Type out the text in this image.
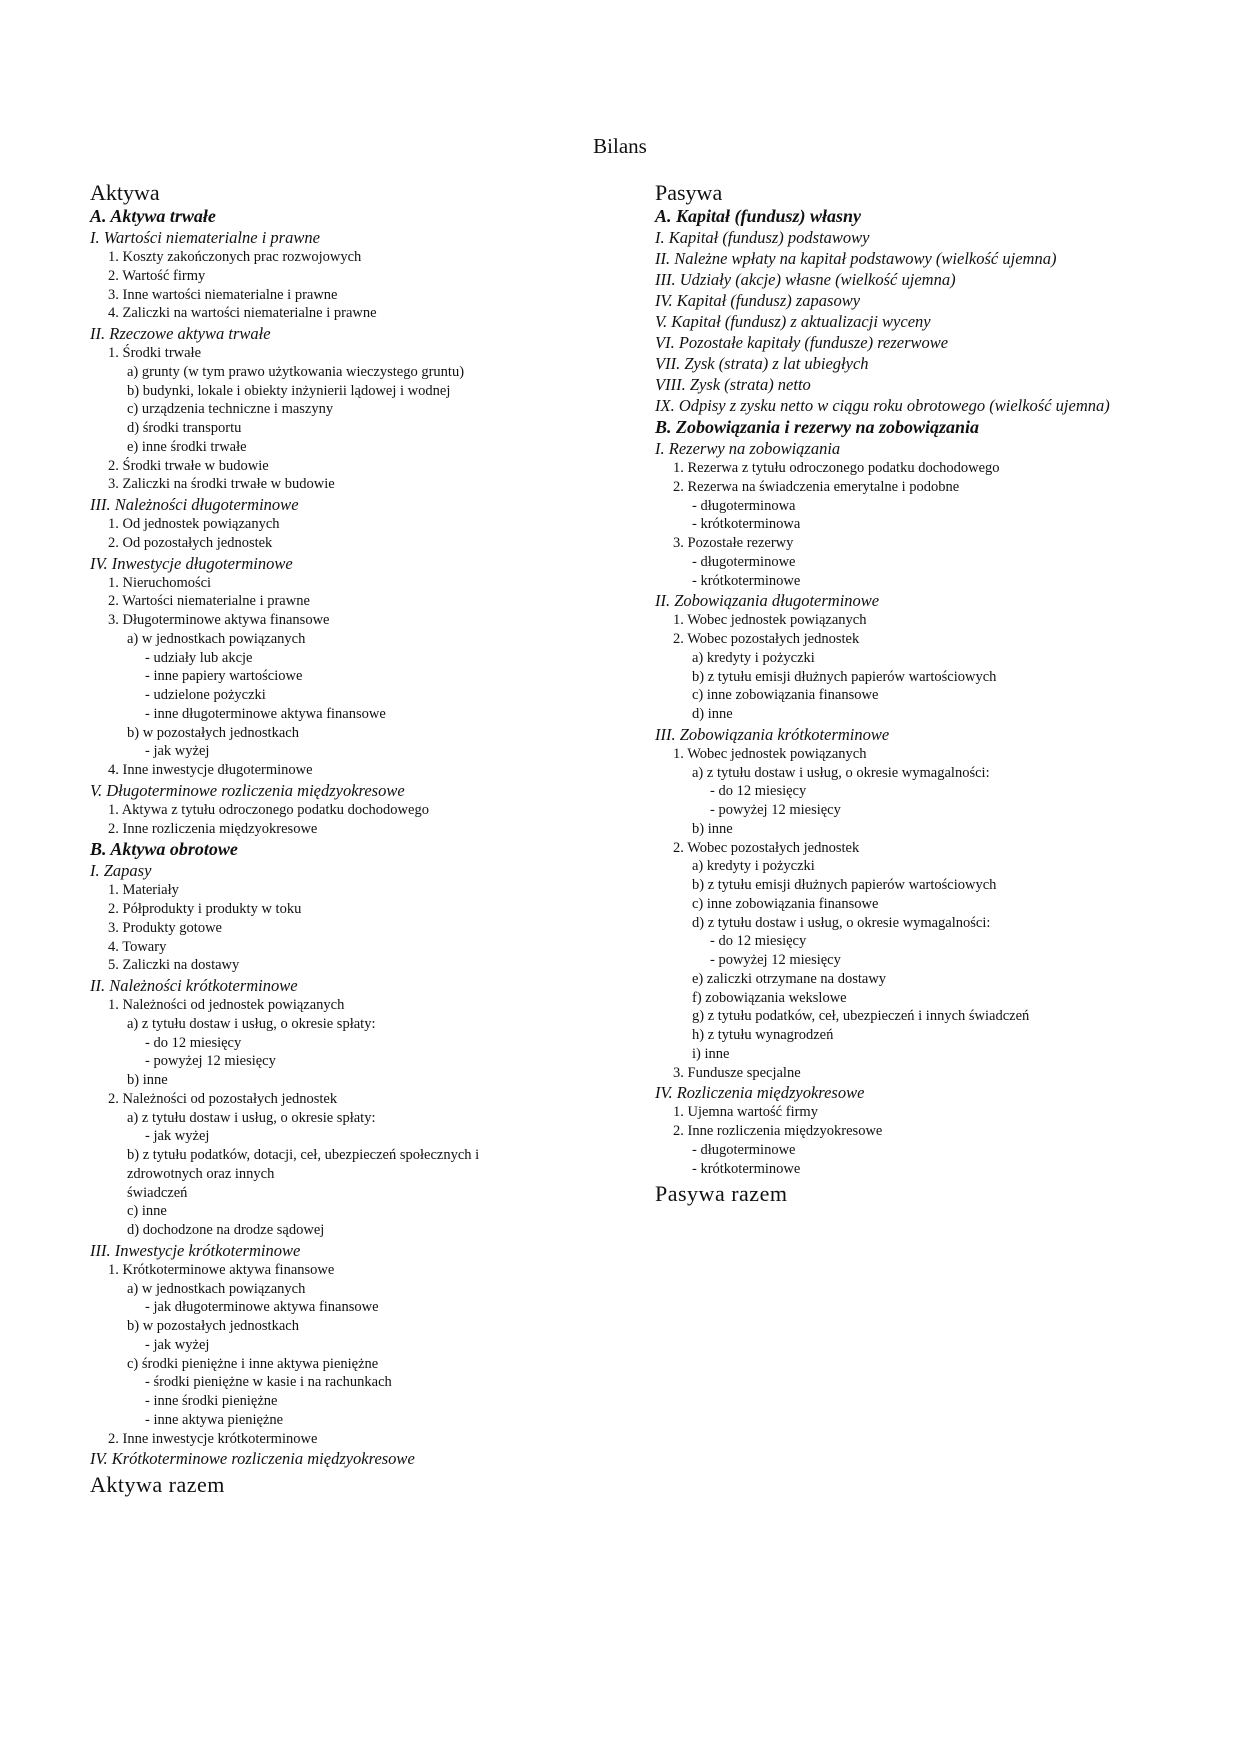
Bilans
Aktywa
A. Aktywa trwałe
I. Wartości niematerialne i prawne
1. Koszty zakończonych prac rozwojowych
2. Wartość firmy
3. Inne wartości niematerialne i prawne
4. Zaliczki na wartości niematerialne i prawne
II. Rzeczowe aktywa trwałe
1. Środki trwałe
a) grunty (w tym prawo użytkowania wieczystego gruntu)
b) budynki, lokale i obiekty inżynierii lądowej i wodnej
c) urządzenia techniczne i maszyny
d) środki transportu
e) inne środki trwałe
2. Środki trwałe w budowie
3. Zaliczki na środki trwałe w budowie
III. Należności długoterminowe
1. Od jednostek powiązanych
2. Od pozostałych jednostek
IV. Inwestycje długoterminowe
1. Nieruchomości
2. Wartości niematerialne i prawne
3. Długoterminowe aktywa finansowe
a) w jednostkach powiązanych
- udziały lub akcje
- inne papiery wartościowe
- udzielone pożyczki
- inne długoterminowe aktywa finansowe
b) w pozostałych jednostkach
- jak wyżej
4. Inne inwestycje długoterminowe
V. Długoterminowe rozliczenia międzyokresowe
1. Aktywa z tytułu odroczonego podatku dochodowego
2. Inne rozliczenia międzyokresowe
B. Aktywa obrotowe
I. Zapasy
1. Materiały
2. Półprodukty i produkty w toku
3. Produkty gotowe
4. Towary
5. Zaliczki na dostawy
II. Należności krótkoterminowe
1. Należności od jednostek powiązanych
a) z tytułu dostaw i usług, o okresie spłaty:
- do 12 miesięcy
- powyżej 12 miesięcy
b) inne
2. Należności od pozostałych jednostek
a) z tytułu dostaw i usług, o okresie spłaty:
- jak wyżej
b) z tytułu podatków, dotacji, ceł, ubezpieczeń społecznych i
zdrowotnych oraz innych
świadczeń
c) inne
d) dochodzone na drodze sądowej
III. Inwestycje krótkoterminowe
1. Krótkoterminowe aktywa finansowe
a) w jednostkach powiązanych
- jak długoterminowe aktywa finansowe
b) w pozostałych jednostkach
- jak wyżej
c) środki pieniężne i inne aktywa pieniężne
- środki pieniężne w kasie i na rachunkach
- inne środki pieniężne
- inne aktywa pieniężne
2. Inne inwestycje krótkoterminowe
IV. Krótkoterminowe rozliczenia międzyokresowe
Aktywa razem
Pasywa
A. Kapitał (fundusz) własny
I. Kapitał (fundusz) podstawowy
II. Należne wpłaty na kapitał podstawowy (wielkość ujemna)
III. Udziały (akcje) własne (wielkość ujemna)
IV. Kapitał (fundusz) zapasowy
V. Kapitał (fundusz) z aktualizacji wyceny
VI. Pozostałe kapitały (fundusze) rezerwowe
VII. Zysk (strata) z lat ubiegłych
VIII. Zysk (strata) netto
IX. Odpisy z zysku netto w ciągu roku obrotowego (wielkość ujemna)
B. Zobowiązania i rezerwy na zobowiązania
I. Rezerwy na zobowiązania
1. Rezerwa z tytułu odroczonego podatku dochodowego
2. Rezerwa na świadczenia emerytalne i podobne
- długoterminowa
- krótkoterminowa
3. Pozostałe rezerwy
- długoterminowe
- krótkoterminowe
II. Zobowiązania długoterminowe
1. Wobec jednostek powiązanych
2. Wobec pozostałych jednostek
a) kredyty i pożyczki
b) z tytułu emisji dłużnych papierów wartościowych
c) inne zobowiązania finansowe
d) inne
III. Zobowiązania krótkoterminowe
1. Wobec jednostek powiązanych
a) z tytułu dostaw i usług, o okresie wymagalności:
- do 12 miesięcy
- powyżej 12 miesięcy
b) inne
2. Wobec pozostałych jednostek
a) kredyty i pożyczki
b) z tytułu emisji dłużnych papierów wartościowych
c) inne zobowiązania finansowe
d) z tytułu dostaw i usług, o okresie wymagalności:
- do 12 miesięcy
- powyżej 12 miesięcy
e) zaliczki otrzymane na dostawy
f) zobowiązania wekslowe
g) z tytułu podatków, ceł, ubezpieczeń i innych świadczeń
h) z tytułu wynagrodzeń
i) inne
3. Fundusze specjalne
IV. Rozliczenia międzyokresowe
1. Ujemna wartość firmy
2. Inne rozliczenia międzyokresowe
- długoterminowe
- krótkoterminowe
Pasywa razem
